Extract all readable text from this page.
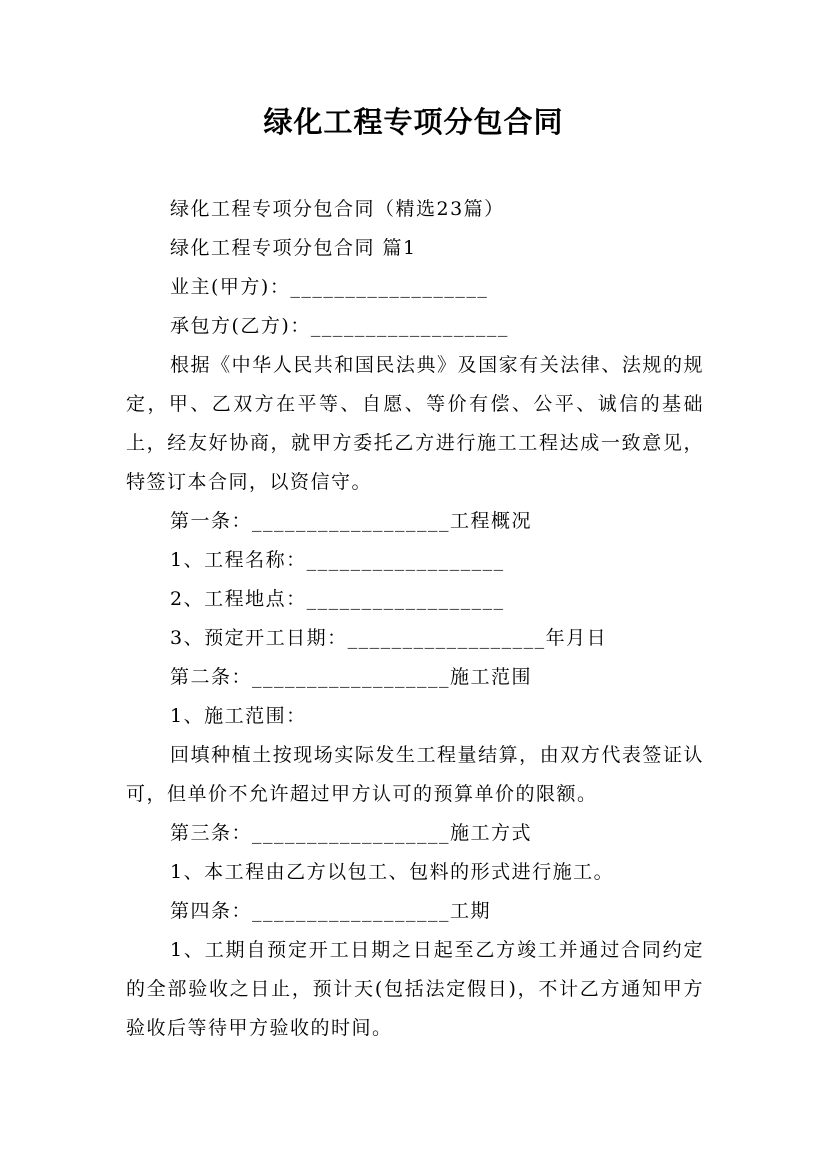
绿化工程专项分包合同

绿化工程专项分包合同（精选23篇）

绿化工程专项分包合同 篇1

业主(甲方)：__________________

承包方(乙方)：__________________

根据《中华人民共和国民法典》及国家有关法律、法规的规定，甲、乙双方在平等、自愿、等价有偿、公平、诚信的基础上，经友好协商，就甲方委托乙方进行施工工程达成一致意见，特签订本合同，以资信守。

第一条：__________________工程概况

1、工程名称：__________________

2、工程地点：__________________

3、预定开工日期：__________________年月日

第二条：__________________施工范围

1、施工范围：

回填种植土按现场实际发生工程量结算，由双方代表签证认可，但单价不允许超过甲方认可的预算单价的限额。

第三条：__________________施工方式

1、本工程由乙方以包工、包料的形式进行施工。

第四条：__________________工期

1、工期自预定开工日期之日起至乙方竣工并通过合同约定的全部验收之日止，预计天(包括法定假日)，不计乙方通知甲方验收后等待甲方验收的时间。
